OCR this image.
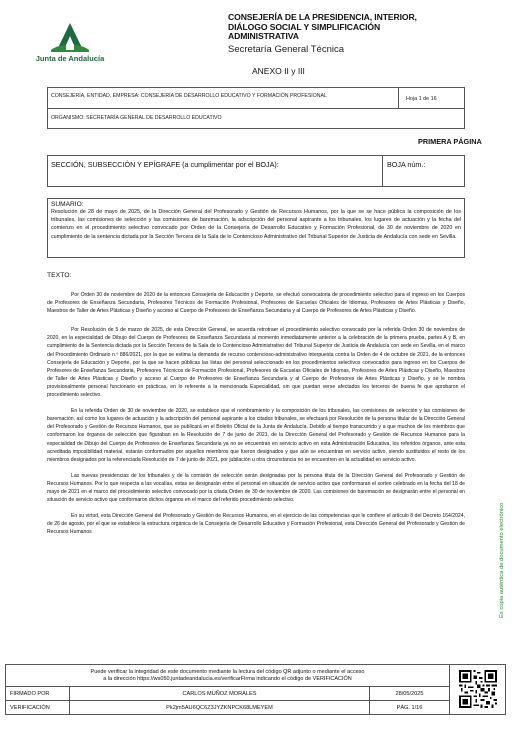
Junta de Andalucía
CONSEJERÍA DE LA PRESIDENCIA, INTERIOR,
DIÁLOGO SOCIAL Y SIMPLIFICACIÓN
ADMINISTRATIVA
Secretaría General Técnica
ANEXO II y III
CONSEJERÍA, ENTIDAD, EMPRESA: CONSEJERÍA DE DESARROLLO EDUCATIVO Y FORMACIÓN PROFESIONAL	Hoja 1 de 16
ORGANISMO: SECRETARÍA GENERAL DE DESARROLLO EDUCATIVO
PRIMERA PÁGINA
SECCIÓN, SUBSECCIÓN Y EPÍGRAFE (a cumplimentar por el BOJA):	BOJA núm.:
SUMARIO:
Resolución de 28 de mayo de 2025, de la Dirección General del Profesorado y Gestión de Recursos Humanos, por la que se se hace pública la composición de los tribunales, las comisiones de selección y las comisiones de baremación, la adscripción del personal aspirante a los tribunales, los lugares de actuación y la fecha del comienzo en el procedimiento selectivo convocado por Orden de la Consejería de Desarrollo Educativo y Formación Profesional, de 30 de noviembre de 2020 en cumplimiento de la sentencia dictada por la Sección Tercera de la Sala de lo Contencioso Administrativo del Tribunal Superior de Justicia de Andalucía con sede en Sevilla.
TEXTO:

Por Orden 30 de noviembre de 2020 de la entonces Consejería de Educación y Deporte, se efectuó convocatoria de procedimiento selectivo para el ingreso en los Cuerpos de Profesores de Enseñanza Secundaria, Profesores Técnicos de Formación Profesional, Profesores de Escuelas Oficiales de Idiomas, Profesores de Artes Plásticas y Diseño, Maestros de Taller de Artes Plásticas y Diseño y acceso al Cuerpo de Profesores de Enseñanza Secundaria y al Cuerpo de Profesores de Artes Plásticas y Diseño.

Por Resolución de 5 de marzo de 2025, de esta Dirección General, se acuerda retrotraer el procedimiento selectivo convocado por la referida Orden 30 de noviembre de 2020, en la especialidad de Dibujo del Cuerpo de Profesores de Enseñanza Secundaria al momento inmediatamente anterior a la celebración de la primera prueba, partes A y B, en cumplimiento de la Sentencia dictada por la Sección Tercera de la Sala de lo Contencioso Administrativo del Tribunal Superior de Justicia de Andalucía con sede en Sevilla, en el marco del Procedimiento Ordinario n.º 886/2021, por la que se estima la demanda de recurso contencioso-administrativo interpuesta contra la Orden de 4 de octubre de 2021, de la entonces Consejería de Educación y Deporte, por la que se hacen públicas las listas del personal seleccionado en los procedimientos selectivos convocados para ingreso en los Cuerpos de Profesores de Enseñanza Secundaria, Profesores Técnicos de Formación Profesional, Profesores de Escuelas Oficiales de Idiomas, Profesores de Artes Plásticas y Diseño, Maestros de Taller de Artes Plásticas y Diseño y acceso al Cuerpo de Profesores de Enseñanza Secundaria y al Cuerpo de Profesores de Artes Plásticas y Diseño, y se le nombra provisionalmente personal funcionario en prácticas, en lo referente a la mencionada Especialidad, sin que puedan verse afectados los terceros de buena fe que aprobaron el procedimiento selectivo.

En la referida Orden de 30 de noviembre de 2020, se establece que el nombramiento y la composición de los tribunales, las comisiones de selección y las comisiones de baremación, así como los lugares de actuación y la adscripción del personal aspirante a los citados tribunales, se efectuará por Resolución de la persona titular de la Dirección General del Profesorado y Gestión de Recursos Humanos, que se publicará en el Boletín Oficial de la Junta de Andalucía. Debido al tiempo transcurrido y a que muchos de los miembros que conformaron los órganos de selección que figuraban en la Resolución de 7 de junio de 2021, de la Dirección General del Profesorado y Gestión de Recursos Humanos para la especialidad de Dibujo del Cuerpo de Profesores de Enseñanza Secundaria ya no se encuentran en servicio activo en esta Administración Educativa, los referidos órganos, ante esta acreditada imposibilidad material, estarán conformados por aquellos miembros que fueron designados y que aún se encuentran en servicio activo, siendo sustituidos el resto de los miembros designados por la referenciada Resolución de 7 de junio de 2021, por jubilación u otra circunstancia no se encuentren en la actualidad en servicio activo.

Las nuevas presidencias de los tribunales y de la comisión de selección serán designadas por la persona titula de la Dirección General del Profesorado y Gestión de Recursos Humanos. Por lo que respecta a las vocalías, estas se designarán entre el personal en situación de servicio activo que conformaran el sorteo celebrado en la fecha del 18 de mayo de 2021 en el marco del procedimiento selectivo convocado por la citada Orden de 30 de noviembre de 2020. Las comisiones de baremación se designarán entre el personal en situación de servicio activo que conformaron dichos órganos en el marco del referido procedimiento selectivo.

En su virtud, esta Dirección General del Profesorado y Gestión de Recursos Humanos, en el ejercicio de las competencias que le confiere el artículo 8 del Decreto 164/2024, de 26 de agosto, por el que se establece la estructura orgánica de la Consejería de Desarrollo Educativo y Formación Profesional, esta Dirección General del Profesorado y Gestión de Recursos Humanos	Es copia auténtica de documento electrónico
Puede verificar la integridad de este documento mediante la lectura del código QR adjunto o mediante el acceso
a la dirección https://ws050.juntadeandalucia.es/verificarFirma indicando el código de VERIFICACIÓN

FIRMADO POR	CARLOS MUÑOZ MORALES	28/05/2025	
VERIFICACIÓN	Pk2jm5AU6QC6Z3JYZKNPCK68LMEYEM	PÁG. 1/16	
